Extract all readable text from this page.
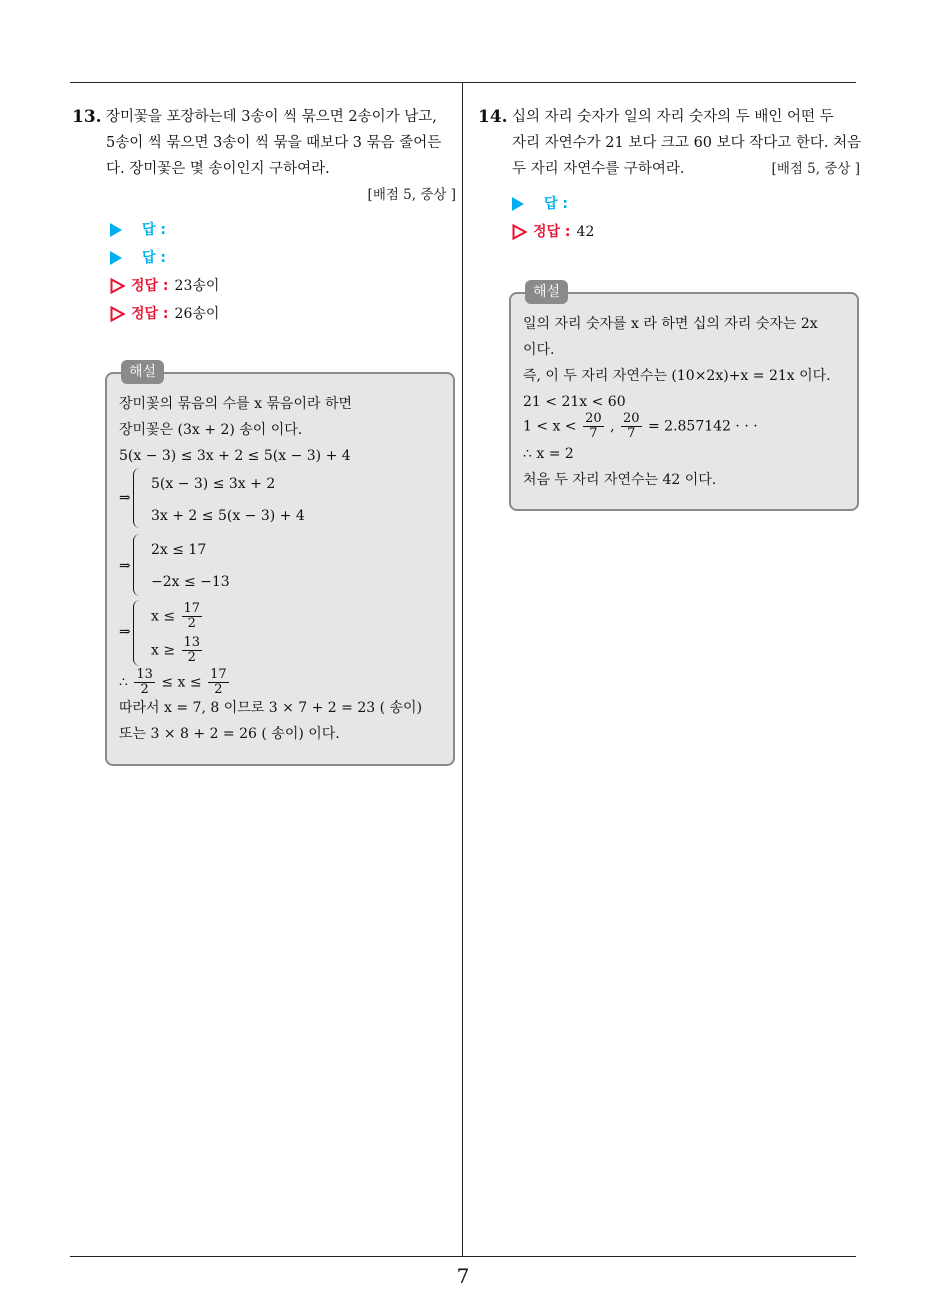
7
13. 장미꽃을 포장하는데 3송이 씩 묶으면 2송이가 남고,
5송이 씩 묶으면 3송이 씩 묶을 때보다 3 묶음 줄어든
다. 장미꽃은 몇 송이인지 구하여라.
[배점 5, 중상 ]
답 :
답 :
정답 : 23송이
정답 : 26송이
해설
장미꽃의 묶음의 수를 x 묶음이라 하면
장미꽃은 (3x + 2) 송이 이다.
5(x − 3) ≤ 3x + 2 ≤ 5(x − 3) + 4
⇒
5(x − 3) ≤ 3x + 2
3x + 2 ≤ 5(x − 3) + 4
⇒
2x ≤ 17
−2x ≤ −13
⇒
$x \le \frac{17}{2}$
$x \ge \frac{13}{2}$
∴ $\frac{13}{2} \le x \le \frac{17}{2}$
따라서 x = 7, 8 이므로 3 × 7 + 2 = 23 ( 송이)
또는 3 × 8 + 2 = 26 ( 송이) 이다.
14. 십의 자리 숫자가 일의 자리 숫자의 두 배인 어떤 두
자리 자연수가 21 보다 크고 60 보다 작다고 한다. 처음
두 자리 자연수를 구하여라.	[배점 5, 중상 ]
답 :
정답 : 42
해설
일의 자리 숫자를 x 라 하면 십의 자리 숫자는 2x
이다.
즉, 이 두 자리 자연수는 (10×2x)+x = 21x 이다.
21 < 21x < 60
$1 < x < \frac{20}{7}$ , $\frac{20}{7} = 2.857142$ · · ·
∴ x = 2
처음 두 자리 자연수는 42 이다.
